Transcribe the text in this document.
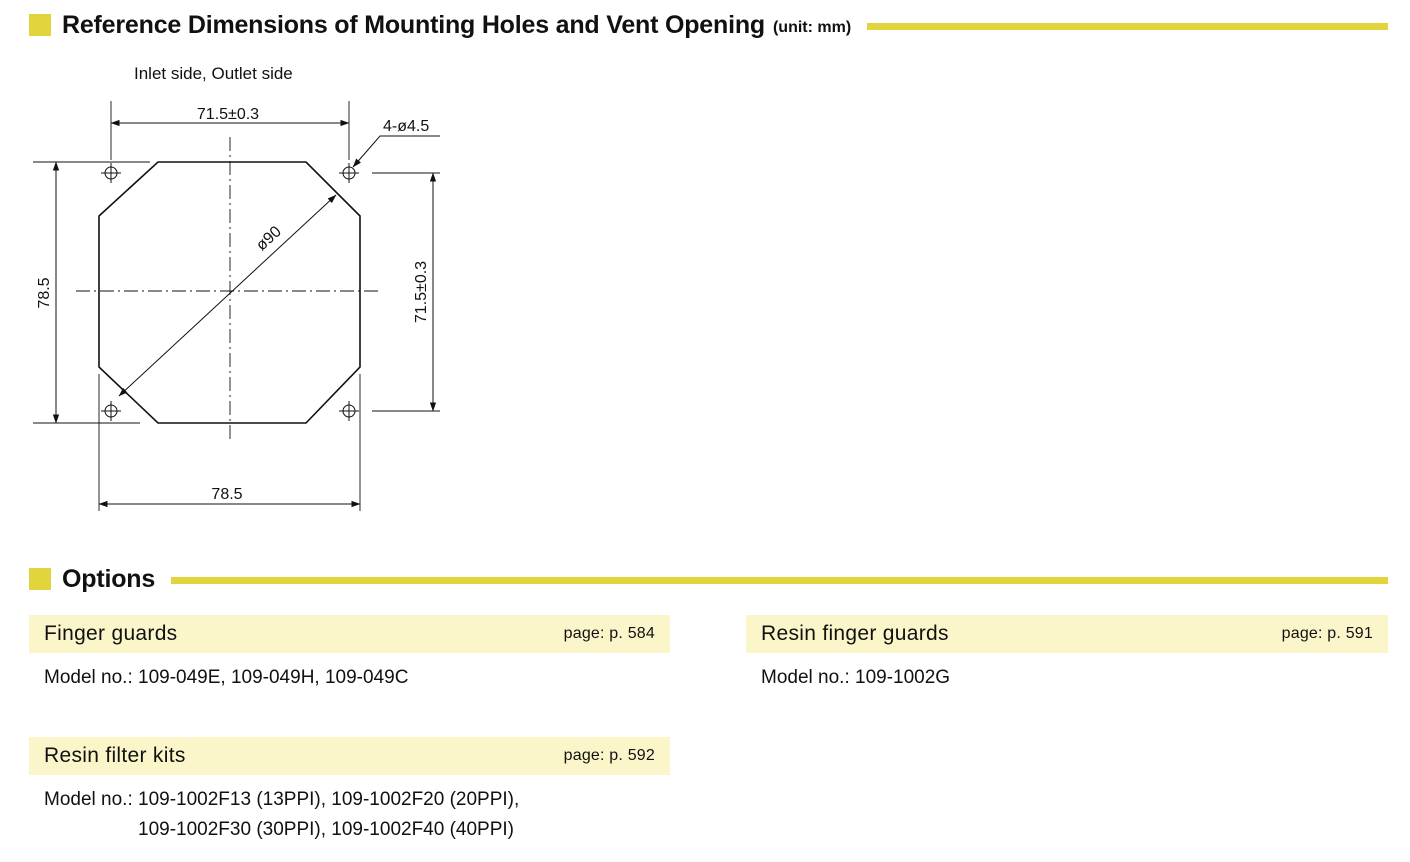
Reference Dimensions of Mounting Holes and Vent Opening (unit: mm)
Inlet side, Outlet side
71.5±0.3
4-ø4.5
ø90
78.5	71.5±0.3
78.5
Options
Finger guards	page: p. 584
Model no.: 109-049E, 109-049H, 109-049C
Resin finger guards	page: p. 591
Model no.: 109-1002G
Resin filter kits	page: p. 592
Model no.: 109-1002F13 (13PPI), 109-1002F20 (20PPI),
109-1002F30 (30PPI), 109-1002F40 (40PPI)
